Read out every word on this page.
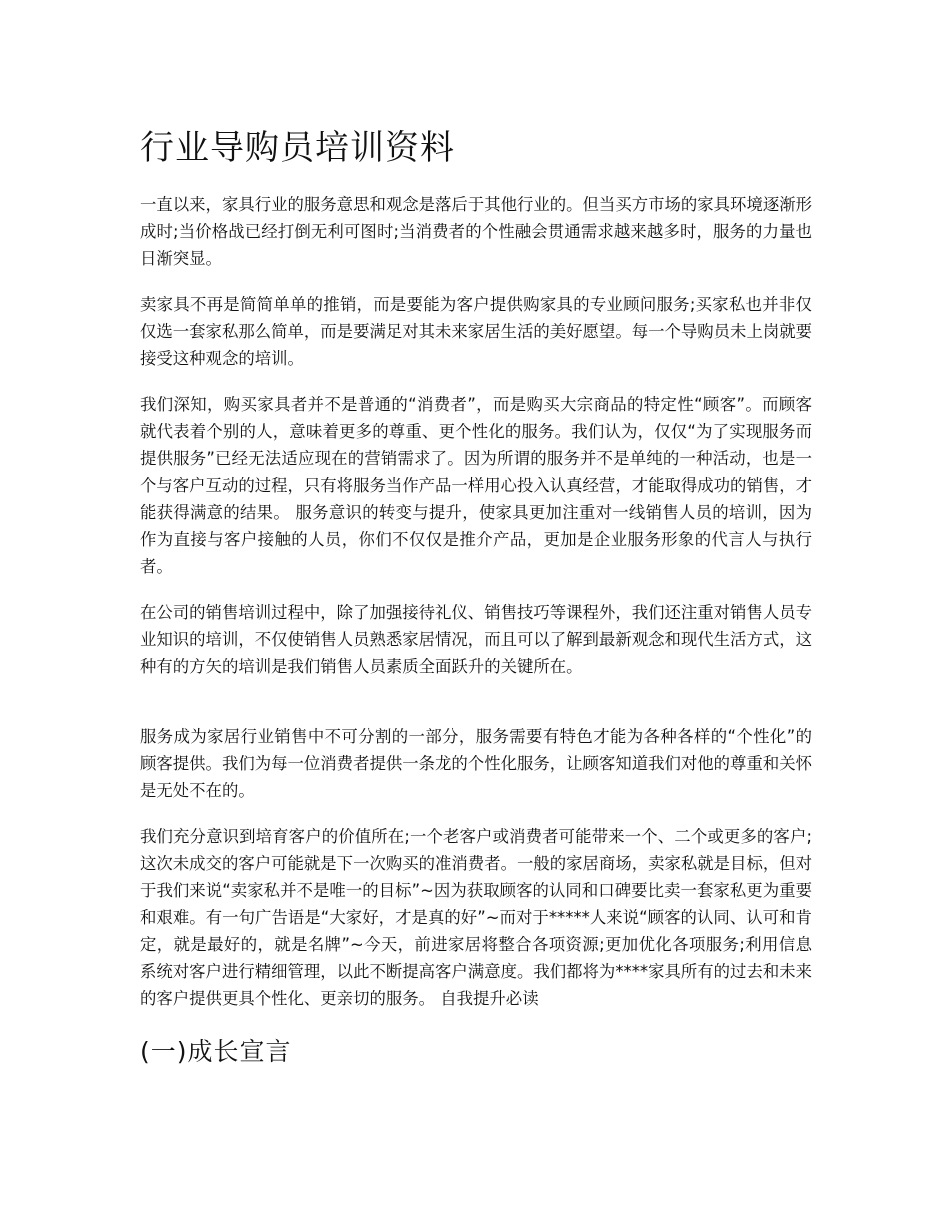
行业导购员培训资料

一直以来，家具行业的服务意思和观念是落后于其他行业的。但当买方市场的家具环境逐渐形成时;当价格战已经打倒无利可图时;当消费者的个性融会贯通需求越来越多时，服务的力量也日渐突显。

卖家具不再是简简单单的推销，而是要能为客户提供购家具的专业顾问服务;买家私也并非仅仅选一套家私那么简单，而是要满足对其未来家居生活的美好愿望。每一个导购员未上岗就要接受这种观念的培训。

我们深知，购买家具者并不是普通的“消费者”，而是购买大宗商品的特定性“顾客”。而顾客就代表着个别的人，意味着更多的尊重、更个性化的服务。我们认为，仅仅“为了实现服务而提供服务”已经无法适应现在的营销需求了。因为所谓的服务并不是单纯的一种活动，也是一个与客户互动的过程，只有将服务当作产品一样用心投入认真经营，才能取得成功的销售，才能获得满意的结果。 服务意识的转变与提升，使家具更加注重对一线销售人员的培训，因为作为直接与客户接触的人员，你们不仅仅是推介产品，更加是企业服务形象的代言人与执行者。

在公司的销售培训过程中，除了加强接待礼仪、销售技巧等课程外，我们还注重对销售人员专业知识的培训，不仅使销售人员熟悉家居情况，而且可以了解到最新观念和现代生活方式，这种有的方矢的培训是我们销售人员素质全面跃升的关键所在。

服务成为家居行业销售中不可分割的一部分，服务需要有特色才能为各种各样的“个性化”的顾客提供。我们为每一位消费者提供一条龙的个性化服务，让顾客知道我们对他的尊重和关怀是无处不在的。

我们充分意识到培育客户的价值所在;一个老客户或消费者可能带来一个、二个或更多的客户;这次未成交的客户可能就是下一次购买的准消费者。一般的家居商场，卖家私就是目标，但对于我们来说“卖家私并不是唯一的目标”~因为获取顾客的认同和口碑要比卖一套家私更为重要和艰难。有一句广告语是“大家好，才是真的好”~而对于*****人来说“顾客的认同、认可和肯定，就是最好的，就是名牌”~今天，前进家居将整合各项资源;更加优化各项服务;利用信息系统对客户进行精细管理，以此不断提高客户满意度。我们都将为****家具所有的过去和未来的客户提供更具个性化、更亲切的服务。 自我提升必读

(一)成长宣言
